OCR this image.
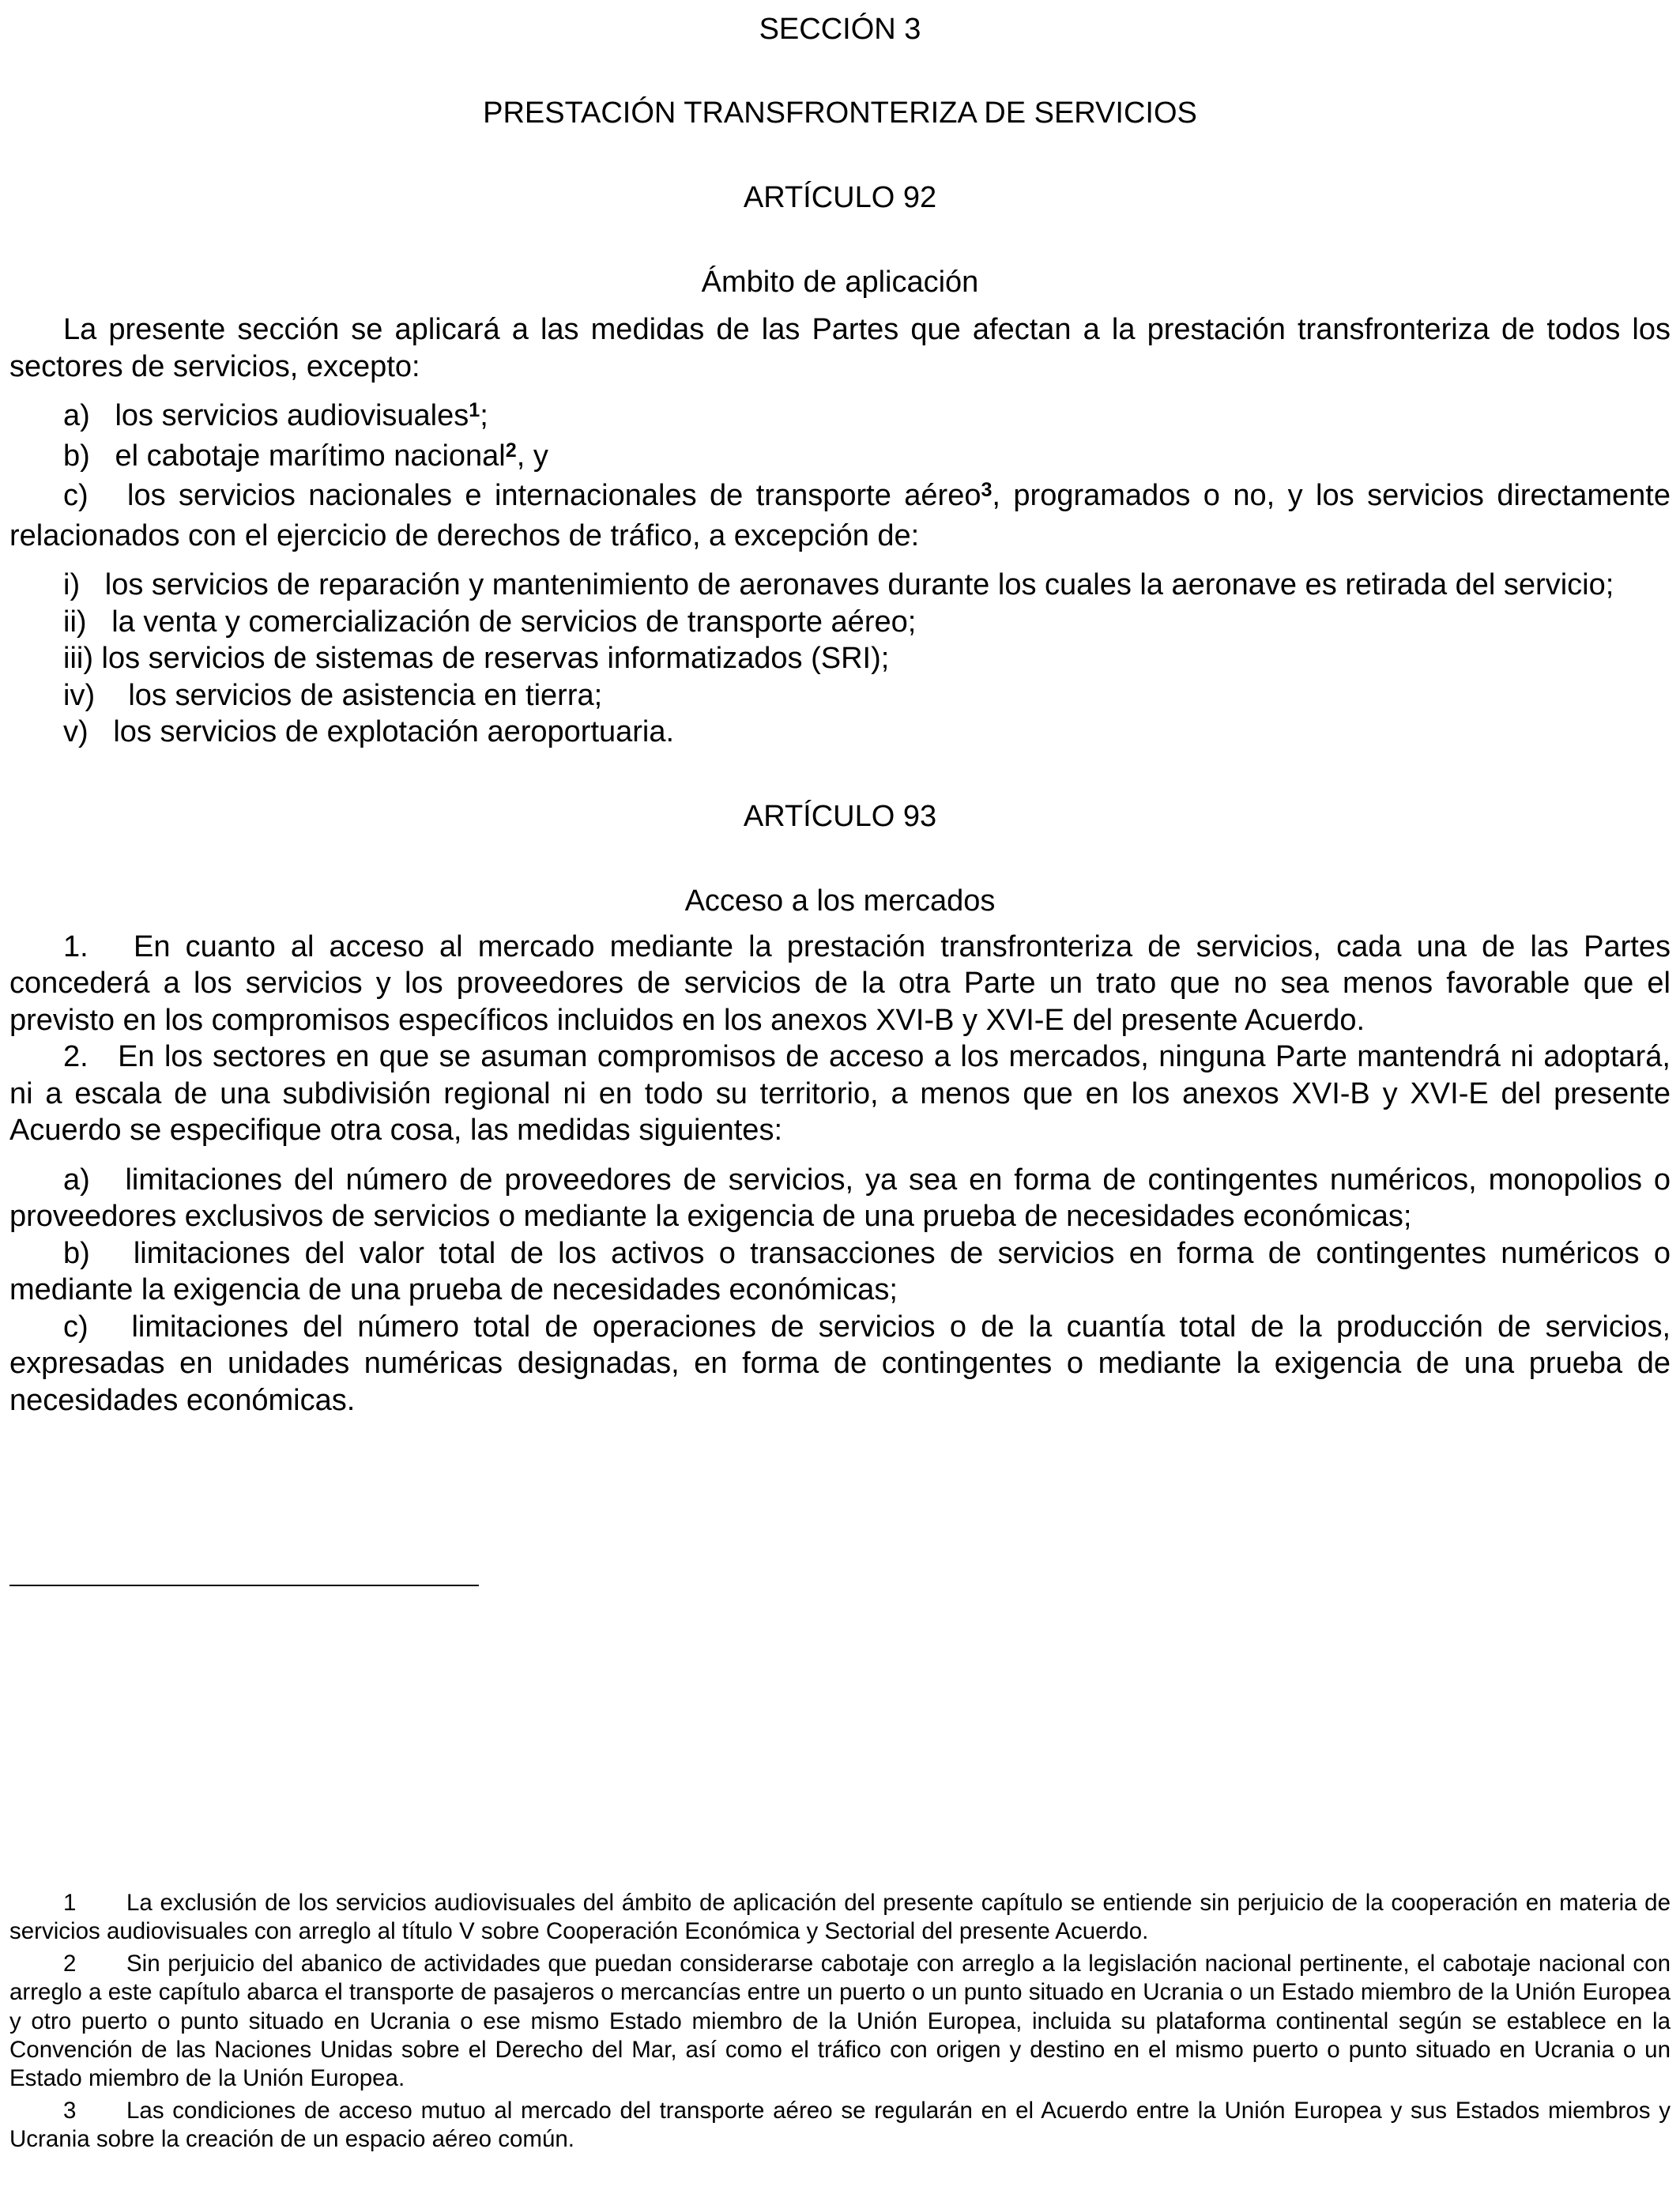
SECCIÓN 3

PRESTACIÓN TRANSFRONTERIZA DE SERVICIOS

ARTÍCULO 92

Ámbito de aplicación

La presente sección se aplicará a las medidas de las Partes que afectan a la prestación transfronteriza de todos los sectores de servicios, excepto:

a) los servicios audiovisuales$^1$;

b) el cabotaje marítimo nacional$^2$, y

c) los servicios nacionales e internacionales de transporte aéreo$^3$, programados o no, y los servicios directamente relacionados con el ejercicio de derechos de tráfico, a excepción de:

i) los servicios de reparación y mantenimiento de aeronaves durante los cuales la aeronave es retirada del servicio;

ii) la venta y comercialización de servicios de transporte aéreo;

iii) los servicios de sistemas de reservas informatizados (SRI);

iv) los servicios de asistencia en tierra;

v) los servicios de explotación aeroportuaria.

ARTÍCULO 93

Acceso a los mercados

1. En cuanto al acceso al mercado mediante la prestación transfronteriza de servicios, cada una de las Partes concederá a los servicios y los proveedores de servicios de la otra Parte un trato que no sea menos favorable que el previsto en los compromisos específicos incluidos en los anexos XVI-B y XVI-E del presente Acuerdo.

2. En los sectores en que se asuman compromisos de acceso a los mercados, ninguna Parte mantendrá ni adoptará, ni a escala de una subdivisión regional ni en todo su territorio, a menos que en los anexos XVI-B y XVI-E del presente Acuerdo se especifique otra cosa, las medidas siguientes:

a) limitaciones del número de proveedores de servicios, ya sea en forma de contingentes numéricos, monopolios o proveedores exclusivos de servicios o mediante la exigencia de una prueba de necesidades económicas;

b) limitaciones del valor total de los activos o transacciones de servicios en forma de contingentes numéricos o mediante la exigencia de una prueba de necesidades económicas;

c) limitaciones del número total de operaciones de servicios o de la cuantía total de la producción de servicios, expresadas en unidades numéricas designadas, en forma de contingentes o mediante la exigencia de una prueba de necesidades económicas.

1 La exclusión de los servicios audiovisuales del ámbito de aplicación del presente capítulo se entiende sin perjuicio de la cooperación en materia de servicios audiovisuales con arreglo al título V sobre Cooperación Económica y Sectorial del presente Acuerdo.

2 Sin perjuicio del abanico de actividades que puedan considerarse cabotaje con arreglo a la legislación nacional pertinente, el cabotaje nacional con arreglo a este capítulo abarca el transporte de pasajeros o mercancías entre un puerto o un punto situado en Ucrania o un Estado miembro de la Unión Europea y otro puerto o punto situado en Ucrania o ese mismo Estado miembro de la Unión Europea, incluida su plataforma continental según se establece en la Convención de las Naciones Unidas sobre el Derecho del Mar, así como el tráfico con origen y destino en el mismo puerto o punto situado en Ucrania o un Estado miembro de la Unión Europea.

3 Las condiciones de acceso mutuo al mercado del transporte aéreo se regularán en el Acuerdo entre la Unión Europea y sus Estados miembros y Ucrania sobre la creación de un espacio aéreo común.
